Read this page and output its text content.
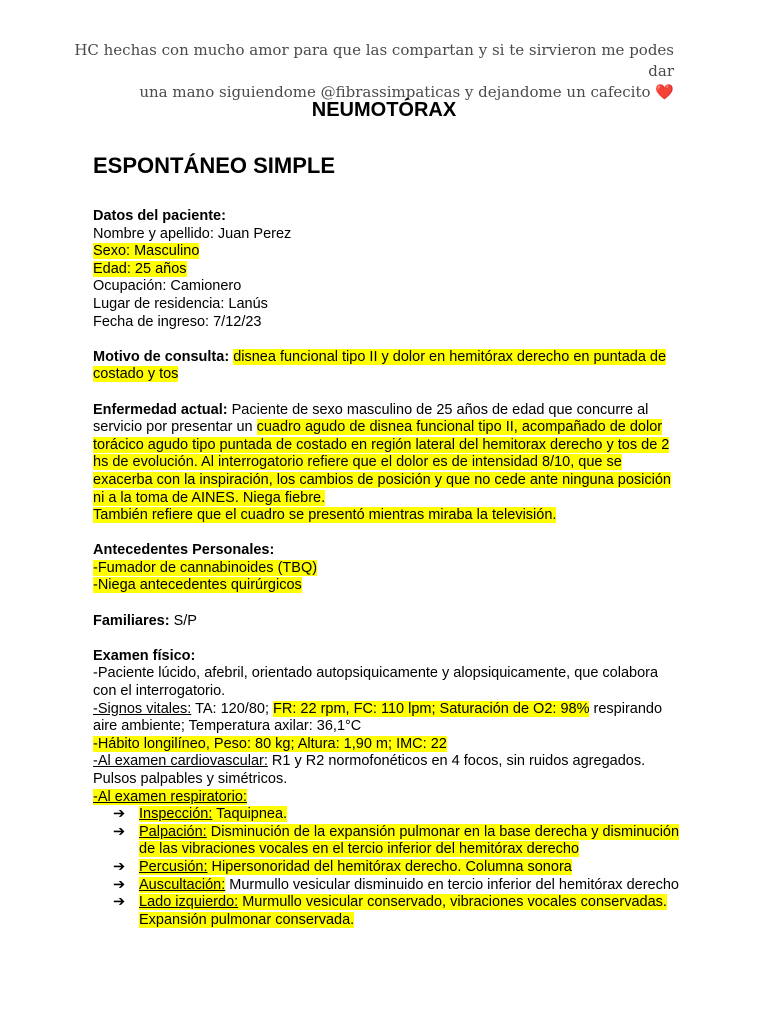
HC hechas con mucho amor para que las compartan y si te sirvieron me podes dar
una mano siguiendome @fibrassimpaticas y dejandome un cafecito ❤️
NEUMOTÓRAX
ESPONTÁNEO SIMPLE

Datos del paciente:

Nombre y apellido: Juan Perez

Sexo: Masculino

Edad: 25 años

Ocupación: Camionero

Lugar de residencia: Lanús

Fecha de ingreso: 7/12/23

Motivo de consulta: disnea funcional tipo II y dolor en hemitórax derecho en puntada de costado y tos

Enfermedad actual: Paciente de sexo masculino de 25 años de edad que concurre al servicio por presentar un cuadro agudo de disnea funcional tipo II, acompañado de dolor torácico agudo tipo puntada de costado en región lateral del hemitorax derecho y tos de 2 hs de evolución. Al interrogatorio refiere que el dolor es de intensidad 8/10, que se exacerba con la inspiración, los cambios de posición y que no cede ante ninguna posición ni a la toma de AINES. Niega fiebre.

También refiere que el cuadro se presentó mientras miraba la televisión.

Antecedentes Personales:

-Fumador de cannabinoides (TBQ)

-Niega antecedentes quirúrgicos

Familiares: S/P

Examen físico:

-Paciente lúcido, afebril, orientado autopsiquicamente y alopsiquicamente, que colabora con el interrogatorio.

-Signos vitales: TA: 120/80; FR: 22 rpm, FC: 110 lpm; Saturación de O2: 98% respirando aire ambiente; Temperatura axilar: 36,1°C

-Hábito longilíneo, Peso: 80 kg; Altura: 1,90 m; IMC: 22

-Al examen cardiovascular: R1 y R2 normofonéticos en 4 focos, sin ruidos agregados. Pulsos palpables y simétricos.

-Al examen respiratorio:

➔ Inspección: Taquipnea.
➔ Palpación: Disminución de la expansión pulmonar en la base derecha y disminución de las vibraciones vocales en el tercio inferior del hemitórax derecho
➔ Percusión: Hipersonoridad del hemitórax derecho. Columna sonora
➔ Auscultación: Murmullo vesicular disminuido en tercio inferior del hemitórax derecho
➔ Lado izquierdo: Murmullo vesicular conservado, vibraciones vocales conservadas. Expansión pulmonar conservada.
